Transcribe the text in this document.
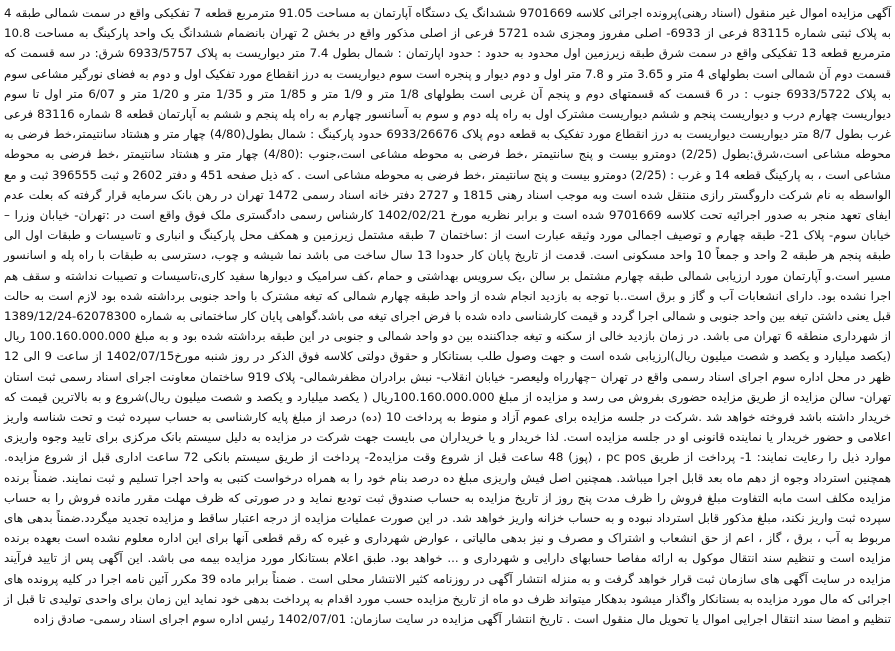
آگهی مزایده اموال غیر منقول (اسناد رهنی)پرونده اجرائی کلاسه 9701669 ششدانگ یک دستگاه آپارتمان به مساحت 91.05 مترمربع قطعه 7 تفکیکی واقع در سمت شمالی طبقه 4 به پلاک ثبتی شماره 83115 فرعی از 6933- اصلی مفروز ومجزی شده 5721 فرعی از اصلی مذکور واقع در بخش 2 تهران بانضمام ششدانگ یک واحد پارکینگ به مساحت 10.8 مترمربع قطعه 13 تفکیکی واقع در سمت شرق طبقه زیرزمین اول محدود به حدود : حدود اپارتمان : شمال بطول 7.4 متر دیواریست به پلاک 6933/5757 شرق: در سه قسمت که قسمت دوم آن شمالی است بطولهای 4 متر و 3.65 متر و 7.8 متر اول و دوم دیوار و پنجره است سوم دیواریست به درز انقطاع مورد تفکیک اول و دوم به فضای نورگیر مشاعی سوم به پلاک 6933/5722 جنوب : در 6 قسمت که قسمتهای دوم و پنجم آن غربی است بطولهای 1/8 متر و 1/9 متر و 1/85 متر و 1/35 متر و 1/20 متر و 6/07 متر اول تا سوم دیواریست چهارم درب و دیواریست پنجم و ششم دیواریست مشترک اول به راه پله دوم و سوم به آسانسور چهارم به راه پله پنجم و ششم به آپارتمان قطعه 8 شماره 83116 فرعی غرب بطول 8/7 متر دیواریست دیواریست به درز انقطاع مورد تفکیک به قطعه دوم پلاک 6933/26676 حدود پارکینگ : شمال بطول(4/80) چهار متر و هشتاد سانتیمتر،خط فرضی به محوطه مشاعی است،شرق:بطول (2/25) دومترو بیست و پنج سانتیمتر ،خط فرضی به محوطه مشاعی است،جنوب :(4/80) چهار متر و هشتاد سانتیمتر ،خط فرضی به محوطه مشاعی است ، به پارکینگ قطعه 14 و غرب : (2/25) دومترو بیست و پنج سانتیمتر ،خط فرضی به محوطه مشاعی است . که ذیل صفحه 451 و دفتر 2602 و ثبت 396555 ثبت و مع الواسطه به نام شرکت داروگستر رازی منتقل شده است وبه موجب اسناد رهنی 1815 و 2727 دفتر خانه اسناد رسمی 1472 تهران در رهن بانک سرمایه قرار گرفته که بعلت عدم ایفای تعهد منجر به صدور اجرائیه تحت کلاسه 9701669 شده است و برابر نظریه مورخ 1402/02/21 کارشناس رسمی دادگستری ملک فوق واقع است در :تهران- خیابان وزرا – خیابان سوم- پلاک 21- طبقه چهارم و توصیف اجمالی مورد وثیقه عبارت است از :ساختمان 7 طبقه مشتمل زیرزمین و همکف محل پارکینگ و انباری و تاسیسات و طبقات اول الی طبقه پنجم هر طبقه 2 واحد و جمعاً 10 واحد مسکونی است. قدمت از تاریخ پایان کار حدودا 13 سال ساخت می باشد نما شیشه و چوب، دسترسی به طبقات با راه پله و اسانسور مسیر است.و آپارتمان مورد ارزیابی شمالی طبقه چهارم مشتمل بر سالن ،یک سرویس بهداشتی و حمام ،کف سرامیک و دیوارها سفید کاری،تاسیسات و تصیبات نداشته و سقف هم اجرا نشده بود. دارای انشعابات آب و گاز و برق است..با توجه به بازدید انجام شده از واحد طبقه چهارم شمالی که تیغه مشترک با واحد جنوبی برداشته شده بود لازم است به حالت قبل یعنی داشتن تیغه بین واحد جنوبی و شمالی اجرا گردد و قیمت کارشناسی داده شده با فرض اجرای تیغه می باشد.گواهی پایان کار ساختمانی به شماره 62078300-1389/12/24 از شهرداری منطقه 6 تهران می باشد. در زمان بازدید خالی از سکنه و تیغه جداکننده بین دو واحد شمالی و جنوبی در این طبقه برداشته شده بود و به مبلغ 100.160.000.000 ریال (یکصد میلیارد و یکصد و شصت میلیون ریال)ارزیابی شده است و جهت وصول طلب بستانکار و حقوق دولتی کلاسه فوق الذکر در روز شنبه مورخ1402/07/15 از ساعت 9 الی 12 ظهر در محل اداره سوم اجرای اسناد رسمی واقع در تهران –چهارراه ولیعصر- خیابان انقلاب- نبش برادران مظفرشمالی- پلاک 919 ساختمان معاونت اجرای اسناد رسمی ثبت استان تهران- سالن مزایده از طریق مزایده حضوری بفروش می رسد و مزایده از مبلغ 100.160.000.000ریال ( یکصد میلیارد و یکصد و شصت میلیون ریال)شروع و به بالاترین قیمت که خریدار داشته باشد فروخته خواهد شد .شرکت در جلسه مزایده برای عموم آزاد و منوط به پرداخت 10 (ده) درصد از مبلغ پایه کارشناسی به حساب سپرده ثبت و تحت شناسه واریز اعلامی و حضور خریدار یا نماینده قانونی او در جلسه مزایده است. لذا خریدار و یا خریداران می بایست جهت شرکت در مزایده به دلیل سیستم بانک مرکزی برای تایید وجوه واریزی موارد ذیل را رعایت نمایند: 1- پرداخت از طریق pc pos ، (پوز) 48 ساعت قبل از شروع وقت مزایده2- پرداخت از طریق سیستم بانکی 72 ساعت اداری قبل از شروع مزایده. همچنین استرداد وجوه از دهم ماه بعد قابل اجرا میباشد. همچنین اصل فیش واریزی مبلغ ده درصد بنام خود را به همراه درخواست کتبی به واحد اجرا تسلیم و ثبت نمایند. ضمناً برنده مزایده مکلف است مابه التفاوت مبلغ فروش را ظرف مدت پنج روز از تاریخ مزایده به حساب صندوق ثبت تودیع نماید و در صورتی که ظرف مهلت مقرر مانده فروش را به حساب سپرده ثبت واریز نکند، مبلغ مذکور قابل استرداد نبوده و به حساب خزانه واریز خواهد شد. در این صورت عملیات مزایده از درجه اعتبار ساقط و مزایده تجدید میگردد.ضمناً بدهی های مربوط به آب ، برق ، گاز ، اعم از حق انشعاب و اشتراک و مصرف و نیز بدهی مالیاتی ، عوارض شهرداری و غیره که رقم قطعی آنها برای این اداره معلوم نشده است بعهده برنده مزایده است و تنظیم سند انتقال موکول به ارائه مفاصا حسابهای دارایی و شهرداری و ... خواهد بود. طبق اعلام بستانکار مورد مزایده بیمه می باشد. این آگهی پس از تایید فرآیند مزایده در سایت آگهی های سازمان ثبت قرار خواهد گرفت و به منزله انتشار آگهی در روزنامه کثیر الانتشار محلی است . ضمناً برابر ماده 39 مکرر آئین نامه اجرا در کلیه پرونده های اجرائی که مال مورد مزایده به بستانکار واگذار میشود بدهکار میتواند ظرف دو ماه از تاریخ مزایده حسب مورد اقدام به پرداخت بدهی خود نماید این زمان برای واحدی تولیدی تا قبل از تنظیم و امضا سند انتقال اجرایی اموال یا تحویل مال منقول است . تاریخ انتشار آگهی مزایده در سایت سازمان: 1402/07/01 رئیس اداره سوم اجرای اسناد رسمی- صادق زاده
